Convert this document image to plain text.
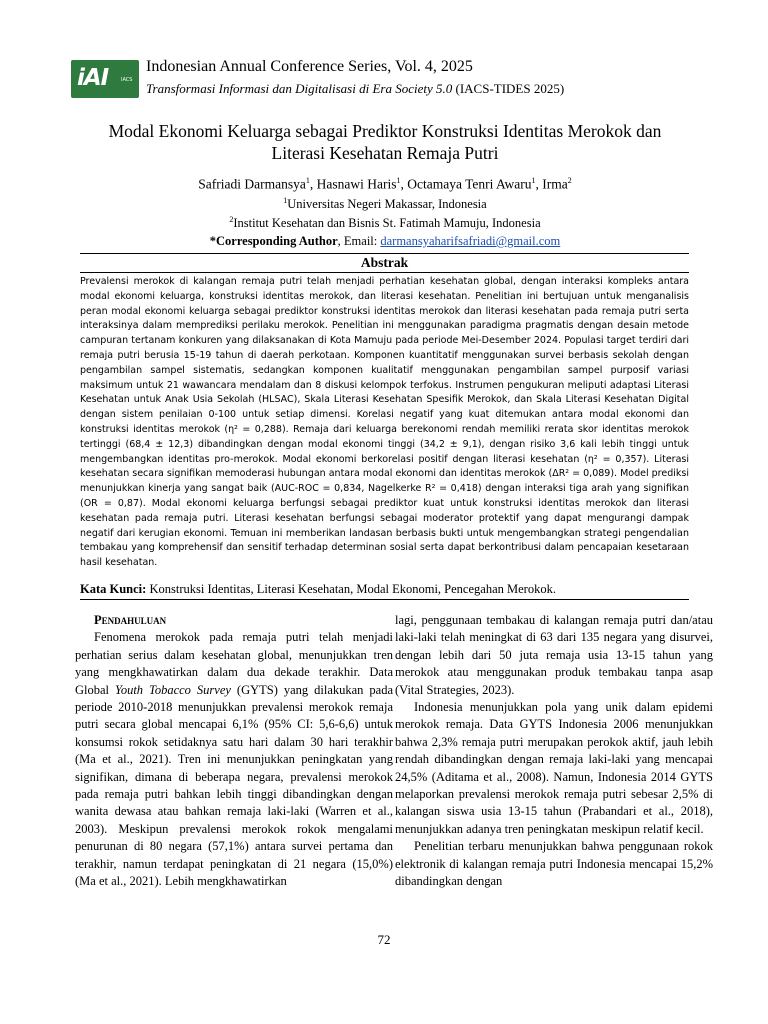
iAI	IACS
Indonesian Annual Conference Series, Vol. 4, 2025
Transformasi Informasi dan Digitalisasi di Era Society 5.0 (IACS-TIDES 2025)
Modal Ekonomi Keluarga sebagai Prediktor Konstruksi Identitas Merokok dan
Literasi Kesehatan Remaja Putri
Safriadi Darmansya$^1$, Hasnawi Haris$^1$, Octamaya Tenri Awaru$^1$, Irma$^2$
$^1$Universitas Negeri Makassar, Indonesia
$^2$Institut Kesehatan dan Bisnis St. Fatimah Mamuju, Indonesia
*Corresponding Author, Email: darmansyaharifsafriadi@gmail.com
Abstrak
Prevalensi merokok di kalangan remaja putri telah menjadi perhatian kesehatan global, dengan interaksi kompleks antara modal ekonomi keluarga, konstruksi identitas merokok, dan literasi kesehatan. Penelitian ini bertujuan untuk menganalisis peran modal ekonomi keluarga sebagai prediktor konstruksi identitas merokok dan literasi kesehatan pada remaja putri serta interaksinya dalam memprediksi perilaku merokok. Penelitian ini menggunakan paradigma pragmatis dengan desain metode campuran tertanam konkuren yang dilaksanakan di Kota Mamuju pada periode Mei-Desember 2024. Populasi target terdiri dari remaja putri berusia 15-19 tahun di daerah perkotaan. Komponen kuantitatif menggunakan survei berbasis sekolah dengan pengambilan sampel sistematis, sedangkan komponen kualitatif menggunakan pengambilan sampel purposif variasi maksimum untuk 21 wawancara mendalam dan 8 diskusi kelompok terfokus. Instrumen pengukuran meliputi adaptasi Literasi Kesehatan untuk Anak Usia Sekolah (HLSAC), Skala Literasi Kesehatan Spesifik Merokok, dan Skala Literasi Kesehatan Digital dengan sistem penilaian 0-100 untuk setiap dimensi. Korelasi negatif yang kuat ditemukan antara modal ekonomi dan konstruksi identitas merokok (η² = 0,288). Remaja dari keluarga berekonomi rendah memiliki rerata skor identitas merokok tertinggi (68,4 ± 12,3) dibandingkan dengan modal ekonomi tinggi (34,2 ± 9,1), dengan risiko 3,6 kali lebih tinggi untuk mengembangkan identitas pro-merokok. Modal ekonomi berkorelasi positif dengan literasi kesehatan (η² = 0,357). Literasi kesehatan secara signifikan memoderasi hubungan antara modal ekonomi dan identitas merokok (ΔR² = 0,089). Model prediksi menunjukkan kinerja yang sangat baik (AUC-ROC = 0,834, Nagelkerke R² = 0,418) dengan interaksi tiga arah yang signifikan (OR = 0,87). Modal ekonomi keluarga berfungsi sebagai prediktor kuat untuk konstruksi identitas merokok dan literasi kesehatan pada remaja putri. Literasi kesehatan berfungsi sebagai moderator protektif yang dapat mengurangi dampak negatif dari kerugian ekonomi. Temuan ini memberikan landasan berbasis bukti untuk mengembangkan strategi pengendalian tembakau yang komprehensif dan sensitif terhadap determinan sosial serta dapat berkontribusi dalam pencapaian kesetaraan hasil kesehatan.
Kata Kunci: Konstruksi Identitas, Literasi Kesehatan, Modal Ekonomi, Pencegahan Merokok.

Pendahuluan

Fenomena merokok pada remaja putri telah menjadi perhatian serius dalam kesehatan global, menunjukkan tren yang mengkhawatirkan dalam dua dekade terakhir. Data Global Youth Tobacco Survey (GYTS) yang dilakukan pada periode 2010-2018 menunjukkan prevalensi merokok remaja putri secara global mencapai 6,1% (95% CI: 5,6-6,6) untuk konsumsi rokok setidaknya satu hari dalam 30 hari terakhir (Ma et al., 2021). Tren ini menunjukkan peningkatan yang signifikan, dimana di beberapa negara, prevalensi merokok pada remaja putri bahkan lebih tinggi dibandingkan dengan wanita dewasa atau bahkan remaja laki-laki (Warren et al., 2003). Meskipun prevalensi merokok rokok mengalami penurunan di 80 negara (57,1%) antara survei pertama dan terakhir, namun terdapat peningkatan di 21 negara (15,0%) (Ma et al., 2021). Lebih mengkhawatirkan

lagi, penggunaan tembakau di kalangan remaja putri dan/atau laki-laki telah meningkat di 63 dari 135 negara yang disurvei, dengan lebih dari 50 juta remaja usia 13-15 tahun yang merokok atau menggunakan produk tembakau tanpa asap (Vital Strategies, 2023).

Indonesia menunjukkan pola yang unik dalam epidemi merokok remaja. Data GYTS Indonesia 2006 menunjukkan bahwa 2,3% remaja putri merupakan perokok aktif, jauh lebih rendah dibandingkan dengan remaja laki-laki yang mencapai 24,5% (Aditama et al., 2008). Namun, Indonesia 2014 GYTS melaporkan prevalensi merokok remaja putri sebesar 2,5% di kalangan siswa usia 13-15 tahun (Prabandari et al., 2018), menunjukkan adanya tren peningkatan meskipun relatif kecil.

Penelitian terbaru menunjukkan bahwa penggunaan rokok elektronik di kalangan remaja putri Indonesia mencapai 15,2% dibandingkan dengan

72
